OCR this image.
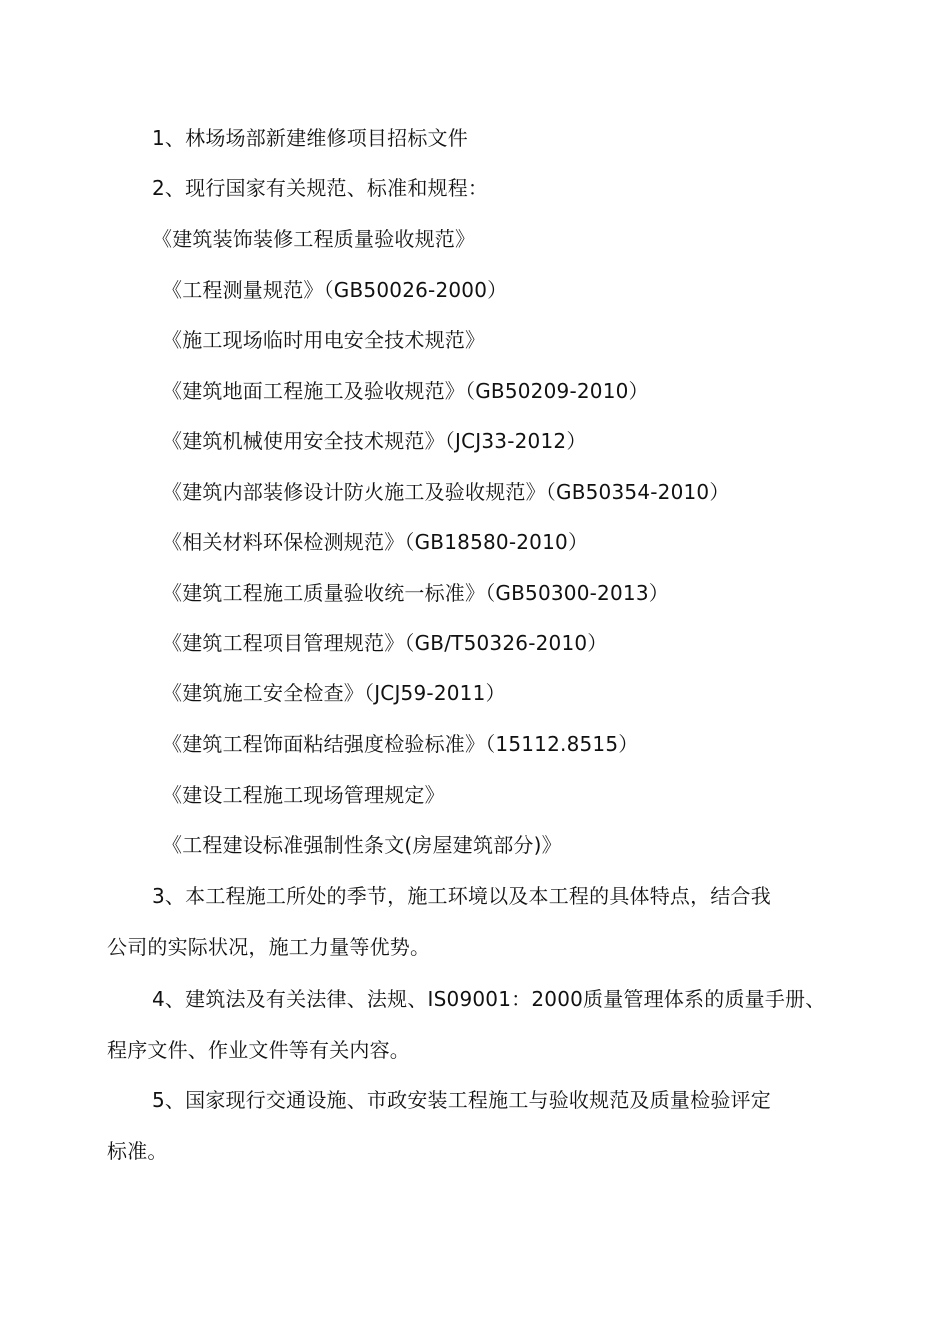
1、林场场部新建维修项目招标文件
2、现行国家有关规范、标准和规程：
《建筑装饰装修工程质量验收规范》
《工程测量规范》（GB50026-2000）
《施工现场临时用电安全技术规范》
《建筑地面工程施工及验收规范》（GB50209-2010）
《建筑机械使用安全技术规范》（JCJ33-2012）
《建筑内部装修设计防火施工及验收规范》（GB50354-2010）
《相关材料环保检测规范》（GB18580-2010）
《建筑工程施工质量验收统一标准》（GB50300-2013）
《建筑工程项目管理规范》（GB/T50326-2010）
《建筑施工安全检查》（JCJ59-2011）
《建筑工程饰面粘结强度检验标准》（15112.8515）
《建设工程施工现场管理规定》
《工程建设标准强制性条文(房屋建筑部分)》
3、本工程施工所处的季节，施工环境以及本工程的具体特点，结合我
公司的实际状况，施工力量等优势。
4、建筑法及有关法律、法规、IS09001：2000质量管理体系的质量手册、
程序文件、作业文件等有关内容。
5、国家现行交通设施、市政安装工程施工与验收规范及质量检验评定
标准。
